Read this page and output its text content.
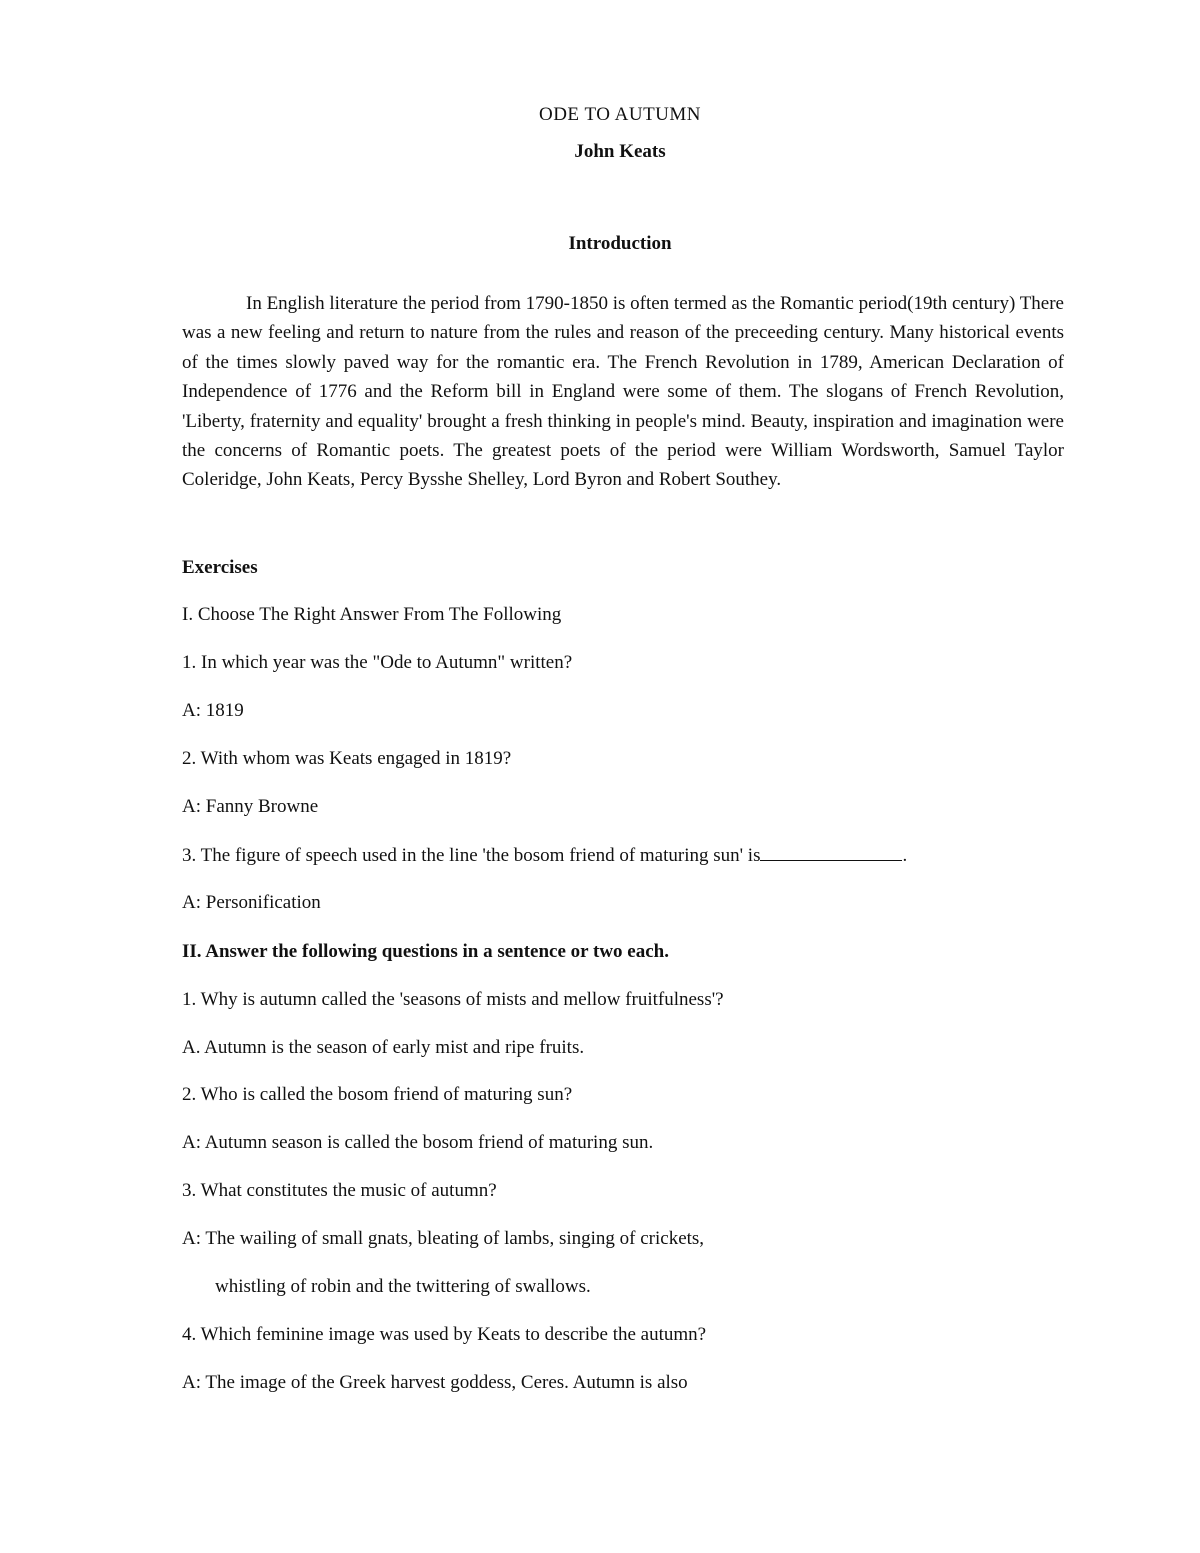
ODE TO AUTUMN
John Keats
Introduction

In English literature the period from 1790-1850 is often termed as the Romantic period(19th century) There was a new feeling and return to nature from the rules and reason of the preceeding century. Many historical events of the times slowly paved way for the romantic era. The French Revolution in 1789, American Declaration of Independence of 1776 and the Reform bill in England were some of them. The slogans of French Revolution, 'Liberty, fraternity and equality' brought a fresh thinking in people's mind. Beauty, inspiration and imagination were the concerns of Romantic poets. The greatest poets of the period were William Wordsworth, Samuel Taylor Coleridge, John Keats, Percy Bysshe Shelley, Lord Byron and Robert Southey.

Exercises
I. Choose The Right Answer From The Following
1. In which year was the "Ode to Autumn" written?
A: 1819
2. With whom was Keats engaged in 1819?
A: Fanny Browne
3. The figure of speech used in the line 'the bosom friend of maturing sun' is	.
A: Personification
II. Answer the following questions in a sentence or two each.
1. Why is autumn called the 'seasons of mists and mellow fruitfulness'?
A. Autumn is the season of early mist and ripe fruits.
2. Who is called the bosom friend of maturing sun?
A: Autumn season is called the bosom friend of maturing sun.
3. What constitutes the music of autumn?
A: The wailing of small gnats, bleating of lambs, singing of crickets,
whistling of robin and the twittering of swallows.
4. Which feminine image was used by Keats to describe the autumn?
A: The image of the Greek harvest goddess, Ceres. Autumn is also
